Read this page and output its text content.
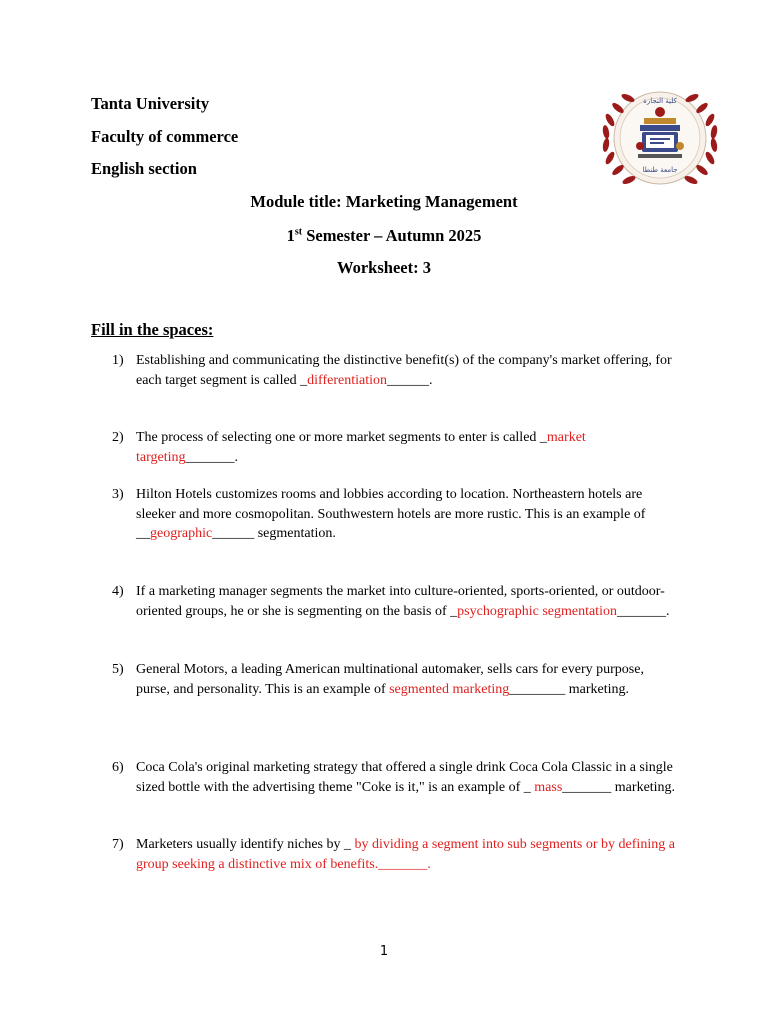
Tanta University
Faculty of commerce
English section
كلية التجارة
جامعة طنطا
Module title: Marketing Management
1st Semester – Autumn 2025
Worksheet: 3
Fill in the spaces:
1) Establishing and communicating the distinctive benefit(s) of the company's market offering, for each target segment is called _differentiation______.
2) The process of selecting one or more market segments to enter is called _market targeting_______.
3) Hilton Hotels customizes rooms and lobbies according to location. Northeastern hotels are sleeker and more cosmopolitan. Southwestern hotels are more rustic. This is an example of __geographic______ segmentation.
4) If a marketing manager segments the market into culture-oriented, sports-oriented, or outdoor-oriented groups, he or she is segmenting on the basis of _psychographic segmentation_______.
5) General Motors, a leading American multinational automaker, sells cars for every purpose, purse, and personality. This is an example of segmented marketing________ marketing.
6) Coca Cola's original marketing strategy that offered a single drink Coca Cola Classic in a single sized bottle with the advertising theme "Coke is it," is an example of _ mass_______ marketing.
7) Marketers usually identify niches by _ by dividing a segment into sub segments or by defining a group seeking a distinctive mix of benefits._______.
1
